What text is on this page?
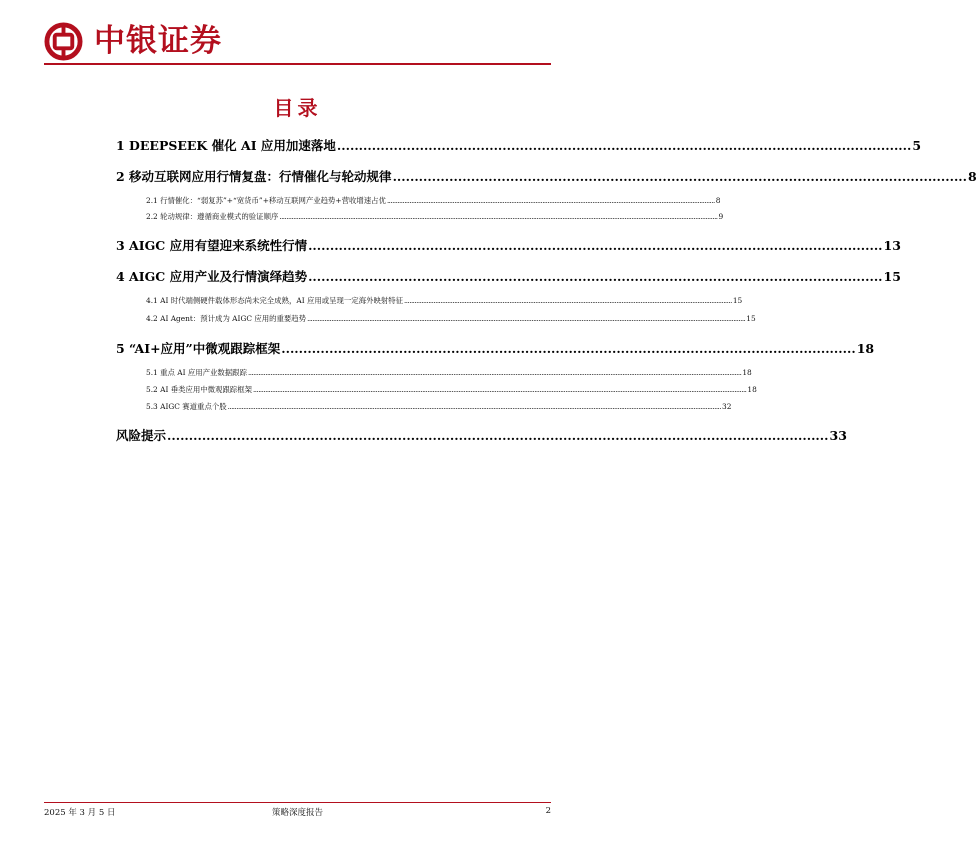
中银证券
目录
1 DEEPSEEK 催化 AI 应用加速落地 .................................................................................................................................... 5
2 移动互联网应用行情复盘：行情催化与轮动规律 .................................................................................................................................... 8
2.1 行情催化：“弱复苏”+“宽货币”+移动互联网产业趋势+营收增速占优 .............................................................................................................................................................................................. 8
2.2 轮动规律：遵循商业模式的验证顺序 .............................................................................................................................................................................................................................................................. 9
3 AIGC 应用有望迎来系统性行情 .................................................................................................................................... 13
4 AIGC 应用产业及行情演绎趋势 .................................................................................................................................... 15
4.1 AI 时代端侧硬件载体形态尚未完全成熟，AI 应用或呈现一定海外映射特征 .............................................................................................................................................................................................. 15
4.2 AI Agent：预计成为 AIGC 应用的重要趋势 .............................................................................................................................................................................................................................................................. 15
5 “AI+应用”中微观跟踪框架 .................................................................................................................................... 18
5.1 重点 AI 应用产业数据跟踪 .............................................................................................................................................................................................................................................................................................. 18
5.2 AI 垂类应用中微观跟踪框架 .............................................................................................................................................................................................................................................................................................. 18
5.3 AIGC 赛道重点个股 .............................................................................................................................................................................................................................................................................................. 32
风险提示 ........................................................................................................................................................ 33
2025 年 3 月 5 日	策略深度报告	2
